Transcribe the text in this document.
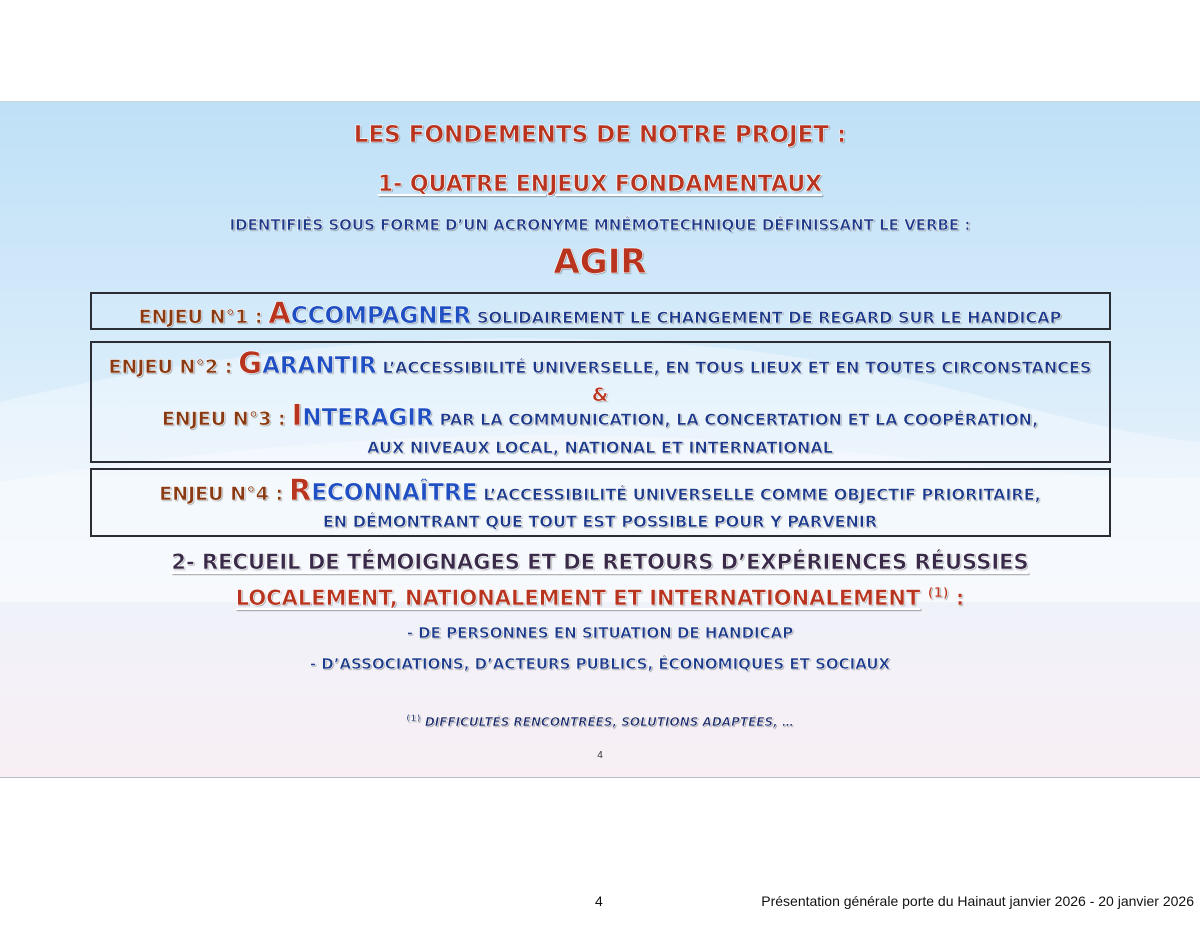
LES FONDEMENTS DE NOTRE PROJET :
1- QUATRE ENJEUX FONDAMENTAUX
IDENTIFIÉS SOUS FORME D’UN ACRONYME MNÉMOTECHNIQUE DÉFINISSANT LE VERBE :
AGIR
ENJEU N°1 : ACCOMPAGNER SOLIDAIREMENT LE CHANGEMENT DE REGARD SUR LE HANDICAP
ENJEU N°2 : GARANTIR L’ACCESSIBILITÉ UNIVERSELLE, EN TOUS LIEUX ET EN TOUTES CIRCONSTANCES
&
ENJEU N°3 : INTERAGIR PAR LA COMMUNICATION, LA CONCERTATION ET LA COOPÉRATION,
AUX NIVEAUX LOCAL, NATIONAL ET INTERNATIONAL
ENJEU N°4 : RECONNAÎTRE L’ACCESSIBILITÉ UNIVERSELLE COMME OBJECTIF PRIORITAIRE,
EN DÉMONTRANT QUE TOUT EST POSSIBLE POUR Y PARVENIR
2- RECUEIL DE TÉMOIGNAGES ET DE RETOURS D’EXPÉRIENCES RÉUSSIES
LOCALEMENT, NATIONALEMENT ET INTERNATIONALEMENT $^{(1)}$ :
- DE PERSONNES EN SITUATION DE HANDICAP
- D’ASSOCIATIONS, D’ACTEURS PUBLICS, ÉCONOMIQUES ET SOCIAUX
$^{(1)}$ DIFFICULTÉS RENCONTRÉES, SOLUTIONS ADAPTÉES, …
4
4	Présentation générale porte du Hainaut janvier 2026 - 20 janvier 2026
